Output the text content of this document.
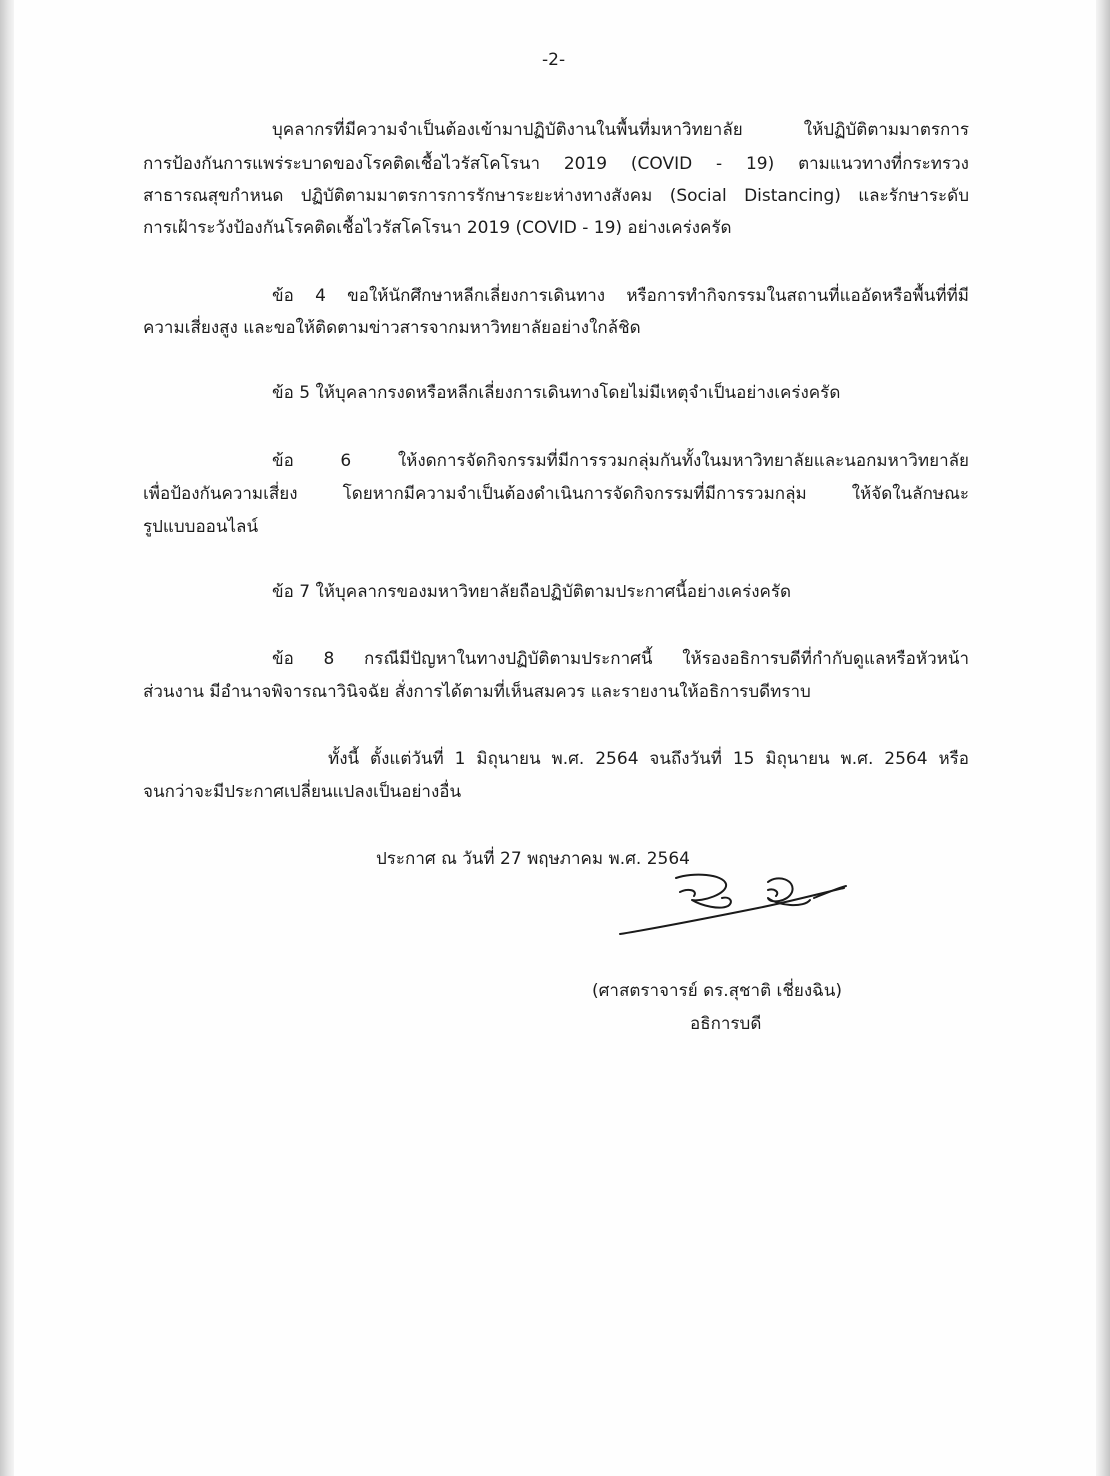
-2-
บุคลากรที่มีความจำเป็นต้องเข้ามาปฏิบัติงานในพื้นที่มหาวิทยาลัย ให้ปฏิบัติตามมาตรการ
การป้องกันการแพร่ระบาดของโรคติดเชื้อไวรัสโคโรนา 2019 (COVID - 19) ตามแนวทางที่กระทรวง
สาธารณสุขกำหนด ปฏิบัติตามมาตรการการรักษาระยะห่างทางสังคม (Social Distancing) และรักษาระดับ
การเฝ้าระวังป้องกันโรคติดเชื้อไวรัสโคโรนา 2019 (COVID - 19) อย่างเคร่งครัด
ข้อ 4 ขอให้นักศึกษาหลีกเลี่ยงการเดินทาง หรือการทำกิจกรรมในสถานที่แออัดหรือพื้นที่ที่มี
ความเสี่ยงสูง และขอให้ติดตามข่าวสารจากมหาวิทยาลัยอย่างใกล้ชิด
ข้อ 5 ให้บุคลากรงดหรือหลีกเลี่ยงการเดินทางโดยไม่มีเหตุจำเป็นอย่างเคร่งครัด
ข้อ 6 ให้งดการจัดกิจกรรมที่มีการรวมกลุ่มกันทั้งในมหาวิทยาลัยและนอกมหาวิทยาลัย
เพื่อป้องกันความเสี่ยง โดยหากมีความจำเป็นต้องดำเนินการจัดกิจกรรมที่มีการรวมกลุ่ม ให้จัดในลักษณะ
รูปแบบออนไลน์
ข้อ 7 ให้บุคลากรของมหาวิทยาลัยถือปฏิบัติตามประกาศนี้อย่างเคร่งครัด
ข้อ 8 กรณีมีปัญหาในทางปฏิบัติตามประกาศนี้ ให้รองอธิการบดีที่กำกับดูแลหรือหัวหน้า
ส่วนงาน มีอำนาจพิจารณาวินิจฉัย สั่งการได้ตามที่เห็นสมควร และรายงานให้อธิการบดีทราบ
ทั้งนี้ ตั้งแต่วันที่ 1 มิถุนายน พ.ศ. 2564 จนถึงวันที่ 15 มิถุนายน พ.ศ. 2564 หรือ
จนกว่าจะมีประกาศเปลี่ยนแปลงเป็นอย่างอื่น
ประกาศ ณ วันที่ 27 พฤษภาคม พ.ศ. 2564
(ศาสตราจารย์ ดร.สุชาติ เชี่ยงฉิน)
อธิการบดี
